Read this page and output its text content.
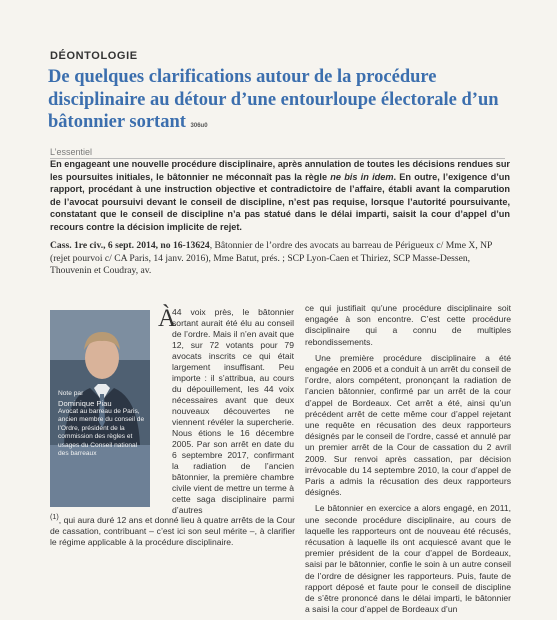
DÉONTOLOGIE
De quelques clarifications autour de la procédure disciplinaire au détour d’une entourloupe électorale d’un bâtonnier sortant 306u0
L’essentiel
En engageant une nouvelle procédure disciplinaire, après annulation de toutes les décisions rendues sur les poursuites initiales, le bâtonnier ne méconnaît pas la règle ne bis in idem. En outre, l’exigence d’un rapport, procédant à une instruction objective et contradictoire de l’affaire, établi avant la comparution de l’avocat poursuivi devant le conseil de discipline, n’est pas requise, lorsque l’autorité poursuivante, constatant que le conseil de discipline n’a pas statué dans le délai imparti, saisit la cour d’appel d’un recours contre la décision implicite de rejet.
Cass. 1re civ., 6 sept. 2014, no 16-13624, Bâtonnier de l’ordre des avocats au barreau de Périgueux c/ Mme X, NP (rejet pourvoi c/ CA Paris, 14 janv. 2016), Mme Batut, prés. ; SCP Lyon-Caen et Thiriez, SCP Masse-Dessen, Thouvenin et Coudray, av.
Note par

Dominique Piau
Avocat au barreau de Paris, ancien membre du conseil de l’Ordre, président de la commission des règles et usages du Conseil national des barreaux
À
44 voix près, le bâtonnier sortant aurait été élu au conseil de l’ordre. Mais il n’en avait que 12, sur 72 votants pour 79 avocats inscrits ce qui était largement insuffisant. Peu importe : il s’attribua, au cours du dépouillement, les 44 voix nécessaires avant que deux nouveaux découvertes ne viennent révéler la supercherie. Nous étions le 16 décembre 2005. Par son arrêt en date du 6 septembre 2017, confirmant la radiation de l’ancien bâtonnier, la première chambre civile vient de mettre un terme à cette saga disciplinaire parmi d’autres
$^{(1)}$, qui aura duré 12 ans et donné lieu à quatre arrêts de la Cour de cassation, contribuant – c’est ici son seul mérite –, à clarifier le régime applicable à la procédure disciplinaire.

ce qui justifiait qu’une procédure disciplinaire soit engagée à son encontre. C’est cette procédure disciplinaire qui a connu de multiples rebondissements.

Une première procédure disciplinaire a été engagée en 2006 et a conduit à un arrêt du conseil de l’ordre, alors compétent, prononçant la radiation de l’ancien bâtonnier, confirmé par un arrêt de la cour d’appel de Bordeaux. Cet arrêt a été, ainsi qu’un précédent arrêt de cette même cour d’appel rejetant une requête en récusation des deux rapporteurs désignés par le conseil de l’ordre, cassé et annulé par un premier arrêt de la Cour de cassation du 2 avril 2009. Sur renvoi après cassation, par décision irrévocable du 14 septembre 2010, la cour d’appel de Paris a admis la récusation des deux rapporteurs désignés.

Le bâtonnier en exercice a alors engagé, en 2011, une seconde procédure disciplinaire, au cours de laquelle les rapporteurs ont de nouveau été récusés, récusation à laquelle ils ont acquiescé avant que le premier président de la cour d’appel de Bordeaux, saisi par le bâtonnier, confie le soin à un autre conseil de l’ordre de désigner les rapporteurs. Puis, faute de rapport déposé et faute pour le conseil de discipline de s’être prononcé dans le délai imparti, le bâtonnier a saisi la cour d’appel de Bordeaux d’un
